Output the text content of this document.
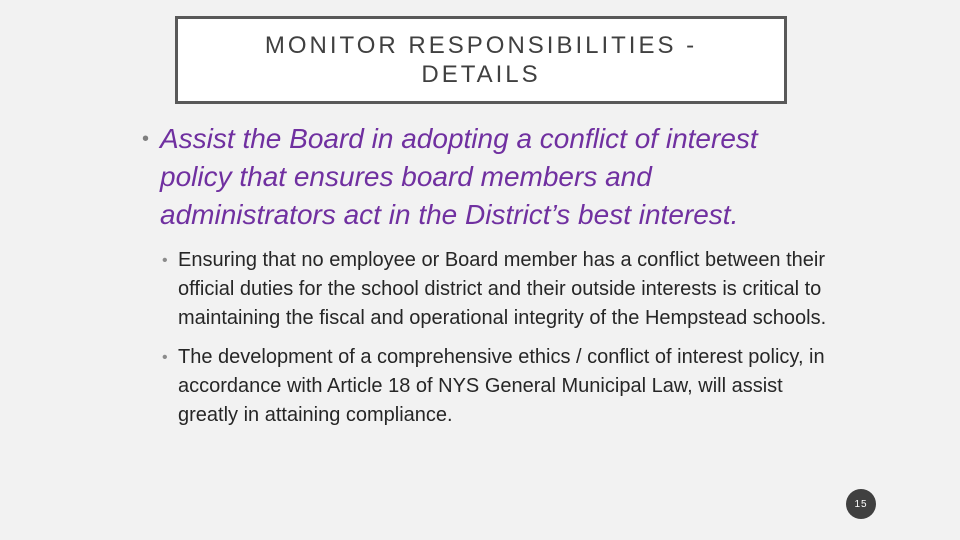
MONITOR RESPONSIBILITIES - DETAILS
• Assist the Board in adopting a conflict of interest policy that ensures board members and administrators act in the District’s best interest.
• Ensuring that no employee or Board member has a conflict between their official duties for the school district and their outside interests is critical to maintaining the fiscal and operational integrity of the Hempstead schools.
• The development of a comprehensive ethics / conflict of interest policy, in accordance with Article 18 of NYS General Municipal Law, will assist greatly in attaining compliance.
15
